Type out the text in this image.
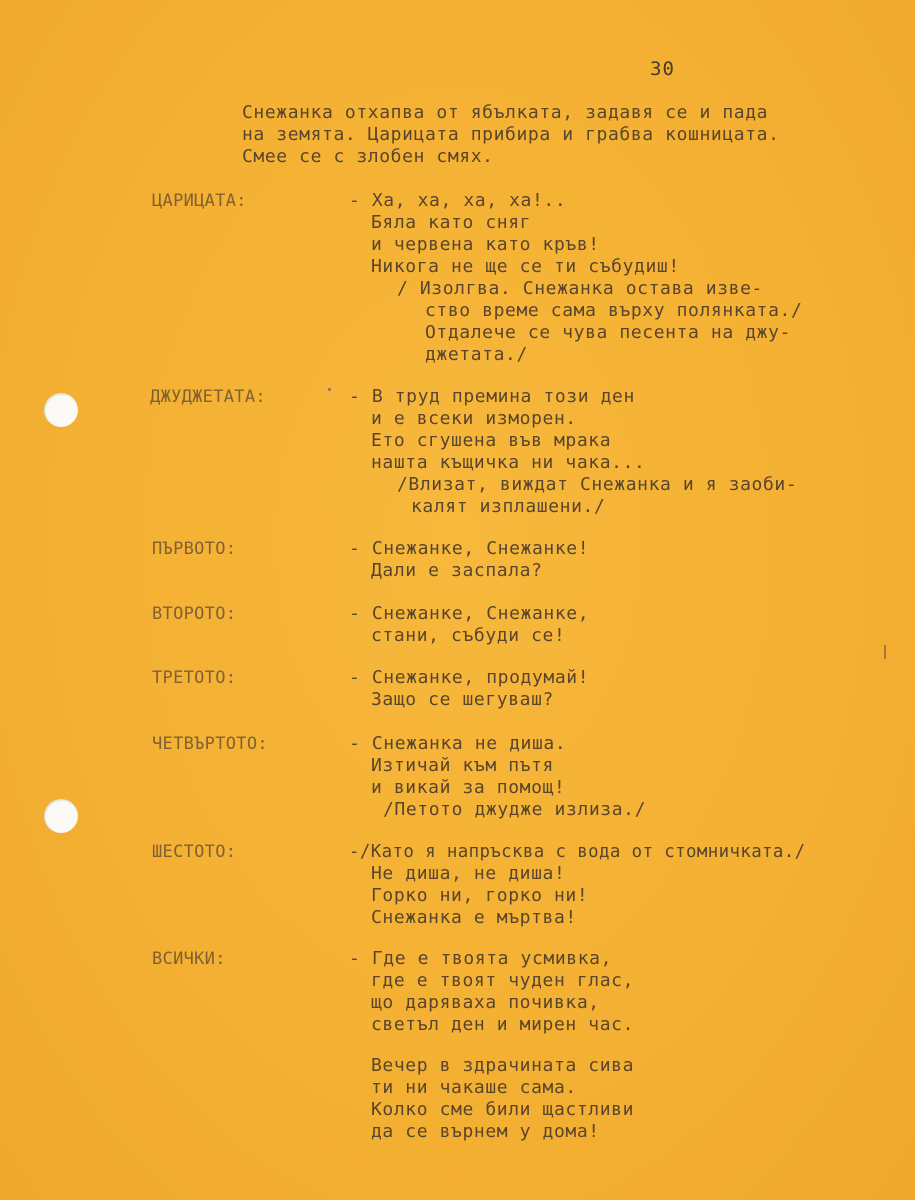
30
Снежанка отхапва от ябълката, задавя се и пада
на земята. Царицата прибира и грабва кошницата.
Смее се с злобен смях.
ЦАРИЦАТА:	- Ха, ха, ха, ха!..
Бяла като сняг
и червена като кръв!
Никога не ще се ти събудиш!
/ Изолгва. Снежанка остава изве-
ство време сама върху полянката./
Отдалече се чува песента на джу-
джетата./
ДЖУДЖЕТАТА:	- В труд премина този ден
и е всеки изморен.
Ето сгушена във мрака
нашта къщичка ни чака...
/Влизат, виждат Снежанка и я заоби-
калят изплашени./
ПЪРВОТО:	- Снежанке, Снежанке!
Дали е заспала?
ВТОРОТО:	- Снежанке, Снежанке,
стани, събуди се!
ТРЕТОТО:	- Снежанке, продумай!
Защо се шегуваш?
ЧЕТВЪРТОТО:	- Снежанка не диша.
Изтичай към пътя
и викай за помощ!
/Петото джудже излиза./
ШЕСТОТО:	-/Като я напръсква с вода от стомничката./
Не диша, не диша!
Горко ни, горко ни!
Снежанка е мъртва!
ВСИЧКИ:	- Где е твоята усмивка,
где е твоят чуден глас,
що даряваха почивка,
светъл ден и мирен час.
Вечер в здрачината сива
ти ни чакаше сама.
Колко сме били щастливи
да се върнем у дома!
